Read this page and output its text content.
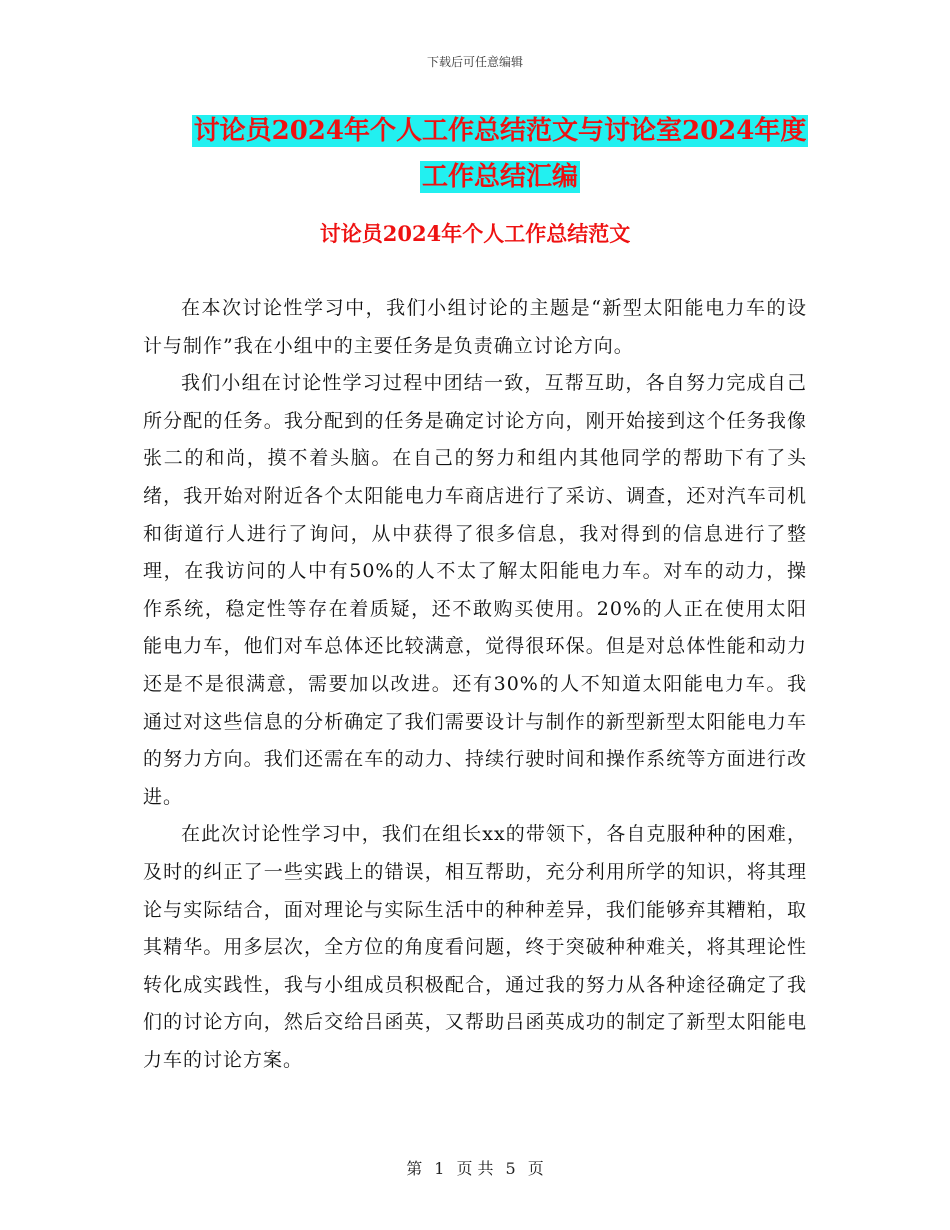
下载后可任意编辑
讨论员2024年个人工作总结范文与讨论室2024年度
工作总结汇编
讨论员2024年个人工作总结范文

在本次讨论性学习中，我们小组讨论的主题是“新型太阳能电力车的设计与制作”我在小组中的主要任务是负责确立讨论方向。

我们小组在讨论性学习过程中团结一致，互帮互助，各自努力完成自己所分配的任务。我分配到的任务是确定讨论方向，刚开始接到这个任务我像张二的和尚，摸不着头脑。在自己的努力和组内其他同学的帮助下有了头绪，我开始对附近各个太阳能电力车商店进行了采访、调查，还对汽车司机和街道行人进行了询问，从中获得了很多信息，我对得到的信息进行了整理，在我访问的人中有50%的人不太了解太阳能电力车。对车的动力，操作系统，稳定性等存在着质疑，还不敢购买使用。20%的人正在使用太阳能电力车，他们对车总体还比较满意，觉得很环保。但是对总体性能和动力还是不是很满意，需要加以改进。还有30%的人不知道太阳能电力车。我通过对这些信息的分析确定了我们需要设计与制作的新型新型太阳能电力车的努力方向。我们还需在车的动力、持续行驶时间和操作系统等方面进行改进。

在此次讨论性学习中，我们在组长xx的带领下，各自克服种种的困难，及时的纠正了一些实践上的错误，相互帮助，充分利用所学的知识，将其理论与实际结合，面对理论与实际生活中的种种差异，我们能够弃其糟粕，取其精华。用多层次，全方位的角度看问题，终于突破种种难关，将其理论性转化成实践性，我与小组成员积极配合，通过我的努力从各种途径确定了我们的讨论方向，然后交给吕函英，又帮助吕函英成功的制定了新型太阳能电力车的讨论方案。

第 1 页 共 5 页
